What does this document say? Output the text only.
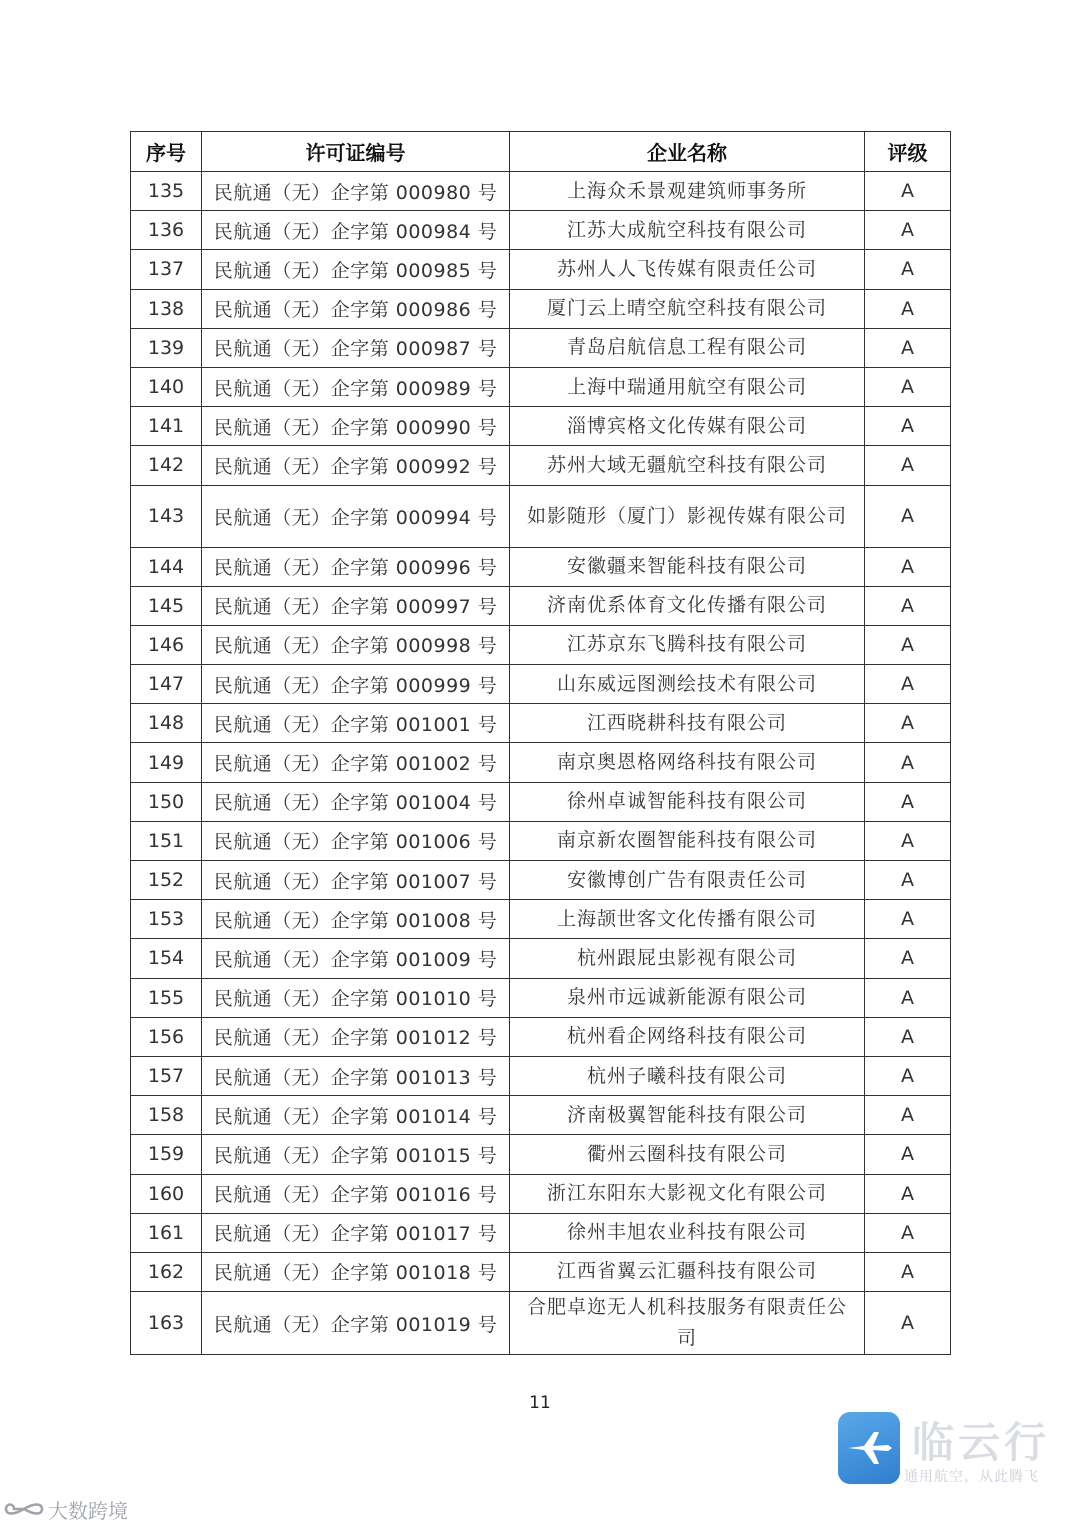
序号	许可证编号	企业名称	评级
135	民航通（无）企字第 000980 号	上海众禾景观建筑师事务所	A
136	民航通（无）企字第 000984 号	江苏大成航空科技有限公司	A
137	民航通（无）企字第 000985 号	苏州人人飞传媒有限责任公司	A
138	民航通（无）企字第 000986 号	厦门云上晴空航空科技有限公司	A
139	民航通（无）企字第 000987 号	青岛启航信息工程有限公司	A
140	民航通（无）企字第 000989 号	上海中瑞通用航空有限公司	A
141	民航通（无）企字第 000990 号	淄博宾格文化传媒有限公司	A
142	民航通（无）企字第 000992 号	苏州大域无疆航空科技有限公司	A
143	民航通（无）企字第 000994 号	如影随形（厦门）影视传媒有限公司	A
144	民航通（无）企字第 000996 号	安徽疆来智能科技有限公司	A
145	民航通（无）企字第 000997 号	济南优系体育文化传播有限公司	A
146	民航通（无）企字第 000998 号	江苏京东飞腾科技有限公司	A
147	民航通（无）企字第 000999 号	山东威远图测绘技术有限公司	A
148	民航通（无）企字第 001001 号	江西晓耕科技有限公司	A
149	民航通（无）企字第 001002 号	南京奥恩格网络科技有限公司	A
150	民航通（无）企字第 001004 号	徐州卓诚智能科技有限公司	A
151	民航通（无）企字第 001006 号	南京新农圈智能科技有限公司	A
152	民航通（无）企字第 001007 号	安徽博创广告有限责任公司	A
153	民航通（无）企字第 001008 号	上海颉世客文化传播有限公司	A
154	民航通（无）企字第 001009 号	杭州跟屁虫影视有限公司	A
155	民航通（无）企字第 001010 号	泉州市远诚新能源有限公司	A
156	民航通（无）企字第 001012 号	杭州看企网络科技有限公司	A
157	民航通（无）企字第 001013 号	杭州子曦科技有限公司	A
158	民航通（无）企字第 001014 号	济南极翼智能科技有限公司	A
159	民航通（无）企字第 001015 号	衢州云圈科技有限公司	A
160	民航通（无）企字第 001016 号	浙江东阳东大影视文化有限公司	A
161	民航通（无）企字第 001017 号	徐州丰旭农业科技有限公司	A
162	民航通（无）企字第 001018 号	江西省翼云汇疆科技有限公司	A
163	民航通（无）企字第 001019 号	合肥卓迩无人机科技服务有限责任公司	A
11
临云行
通用航空，从此腾飞
大数跨境
